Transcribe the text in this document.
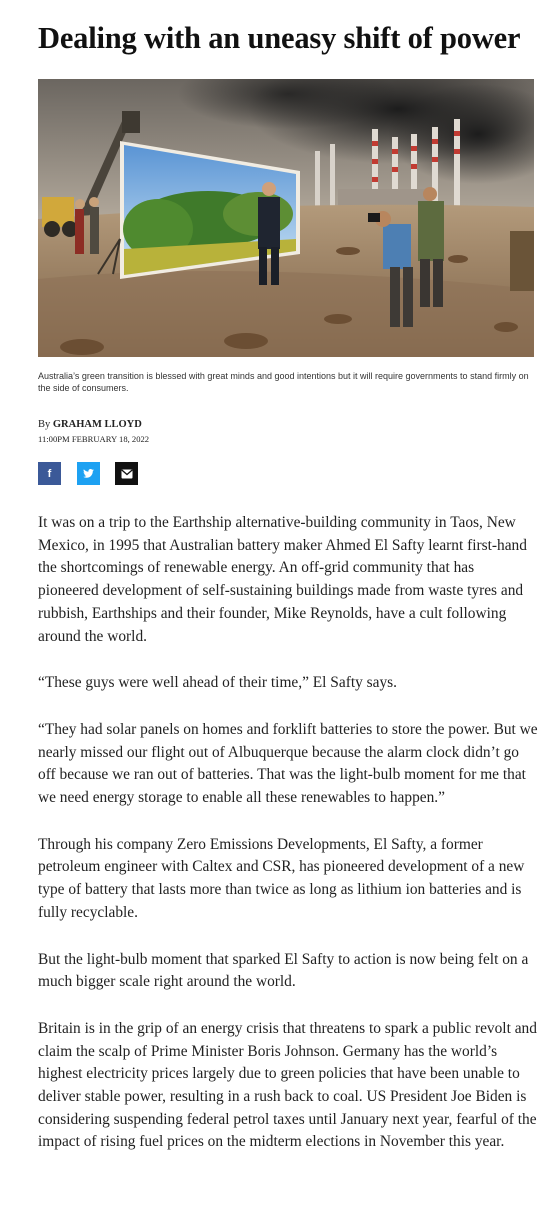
Dealing with an uneasy shift of power

Australia’s green transition is blessed with great minds and good intentions but it will require governments to stand firmly on the side of consumers.

By GRAHAM LLOYD
11:00PM FEBRUARY 18, 2022
f

It was on a trip to the Earthship alternative-building community in Taos, New Mexico, in 1995 that Australian battery maker Ahmed El Safty learnt first-hand the shortcomings of renewable energy. An off-grid community that has pioneered development of self-sustaining buildings made from waste tyres and rubbish, Earthships and their founder, Mike Reynolds, have a cult following around the world.

“These guys were well ahead of their time,” El Safty says.

“They had solar panels on homes and forklift batteries to store the power. But we nearly missed our flight out of Albuquerque because the alarm clock didn’t go off because we ran out of batteries. That was the light-bulb moment for me that we need energy storage to enable all these renewables to happen.”

Through his company Zero Emissions Developments, El Safty, a former petroleum engineer with Caltex and CSR, has pioneered development of a new type of battery that lasts more than twice as long as lithium ion batteries and is fully recyclable.

But the light-bulb moment that sparked El Safty to action is now being felt on a much bigger scale right around the world.

Britain is in the grip of an energy crisis that threatens to spark a public revolt and claim the scalp of Prime Minister Boris Johnson. Germany has the world’s highest electricity prices largely due to green policies that have been unable to deliver stable power, resulting in a rush back to coal. US President Joe Biden is considering suspending federal petrol taxes until January next year, fearful of the impact of rising fuel prices on the midterm elections in November this year.
